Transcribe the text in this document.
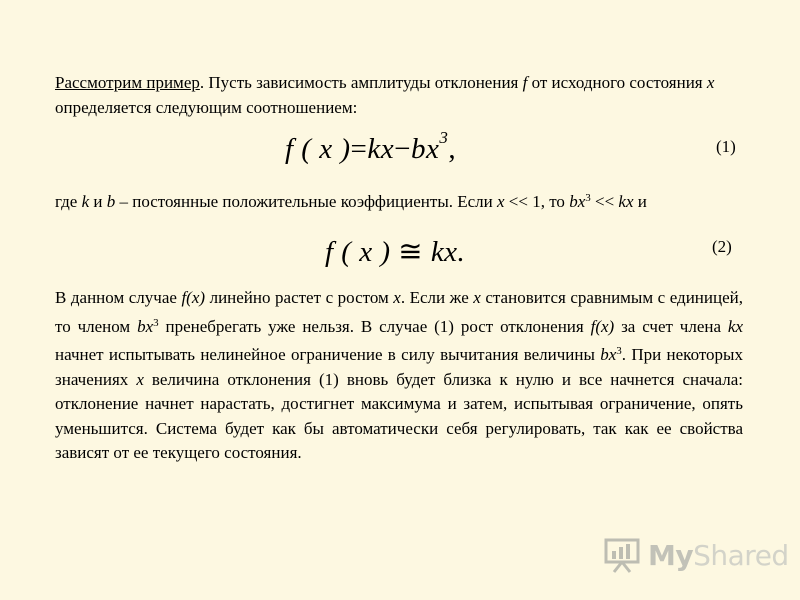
Рассмотрим пример. Пусть зависимость амплитуды отклонения f от исходного состояния x определяется следующим соотношением:

f ( x )$=kx-bx^3$,	(1)

где k и b – постоянные положительные коэффициенты. Если x << 1, то $bx^3$ << kx и

f ( x ) ≅ kx.	(2)

В данном случае f(x) линейно растет с ростом x. Если же x становится сравнимым с единицей, то членом $bx^3$ пренебрегать уже нельзя. В случае (1) рост отклонения f(x) за счет члена kx начнет испытывать нелинейное ограничение в силу вычитания величины $bx^3$. При некоторых значениях x величина отклонения (1) вновь будет близка к нулю и все начнется сначала: отклонение начнет нарастать, достигнет максимума и затем, испытывая ограничение, опять уменьшится. Система будет как бы автоматически себя регулировать, так как ее свойства зависят от ее текущего состояния.

MyShared
